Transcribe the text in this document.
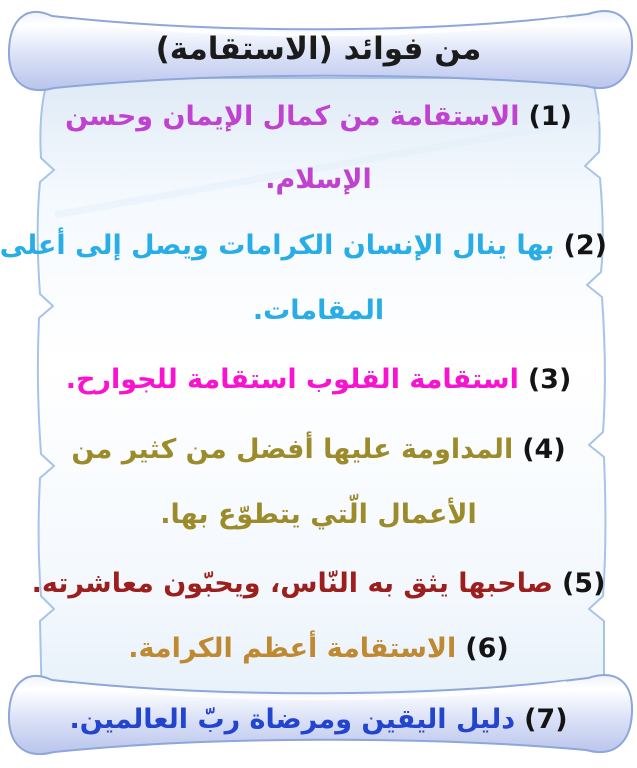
من فوائد (الاستقامة)
(1)الاستقامة من كمال الإيمان وحسن
الإسلام.
(2)بها ينال الإنسان الكرامات ويصل إلى أعلى
المقامات.
(3)استقامة القلوب استقامة للجوارح.
(4)المداومة عليها أفضل من كثير من
الأعمال الّتي يتطوّع بها.
(5)صاحبها يثق به النّاس، ويحبّون معاشرته.
(6)الاستقامة أعظم الكرامة.
(7)دليل اليقين ومرضاة ربّ العالمين.
